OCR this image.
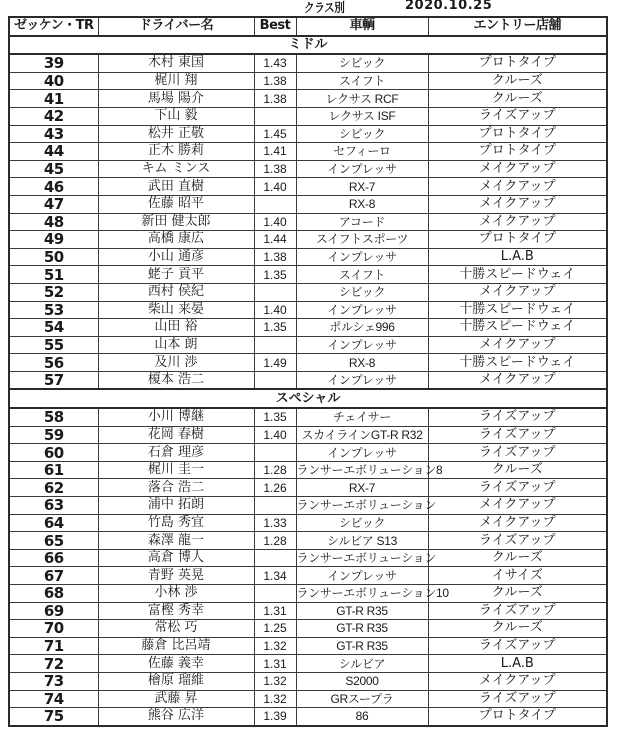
クラス別	2020.10.25
ゼッケン・TR	ドライバー名	Best	車輌	エントリー店舗
ミドル				
39	木村 東国	1.43	シビック	プロトタイプ
40	梶川 翔	1.38	スイフト	クルーズ
41	馬場 陽介	1.38	レクサス RCF	クルーズ
42	下山 毅		レクサス ISF	ライズアップ
43	松井 正敬	1.45	シビック	プロトタイプ
44	正木 勝莉	1.41	セフィーロ	プロトタイプ
45	キム ミンス	1.38	インプレッサ	メイクアップ
46	武田 直樹	1.40	RX-7	メイクアップ
47	佐藤 昭平		RX-8	メイクアップ
48	新田 健太郎	1.40	アコード	メイクアップ
49	高橋 康広	1.44	スイフトスポーツ	プロトタイプ
50	小山 通彦	1.38	インプレッサ	L.A.B
51	蛯子 貢平	1.35	スイフト	十勝スピードウェイ
52	西村 侯紀		シビック	メイクアップ
53	柴山 来晏	1.40	インプレッサ	十勝スピードウェイ
54	山田 裕	1.35	ポルシェ996	十勝スピードウェイ
55	山本 朗		インプレッサ	メイクアップ
56	及川 渉	1.49	RX-8	十勝スピードウェイ
57	榎本 浩二		インプレッサ	メイクアップ
スペシャル				
58	小川 博継	1.35	チェイサー	ライズアップ
59	花岡 春樹	1.40	スカイラインGT-R R32	ライズアップ
60	石倉 理彦		インプレッサ	ライズアップ
61	梶川 圭一	1.28	ランサーエボリューション8	クルーズ
62	落合 浩二	1.26	RX-7	ライズアップ
63	浦中 拓朗		ランサーエボリューション	メイクアップ
64	竹島 秀宜	1.33	シビック	メイクアップ
65	森澤 龍一	1.28	シルビア S13	ライズアップ
66	高倉 博人		ランサーエボリューション	クルーズ
67	青野 英晃	1.34	インプレッサ	イサイズ
68	小林 渉		ランサーエボリューション10	クルーズ
69	富樫 秀幸	1.31	GT-R R35	ライズアップ
70	常松 巧	1.25	GT-R R35	クルーズ
71	藤倉 比呂靖	1.32	GT-R R35	ライズアップ
72	佐藤 義幸	1.31	シルビア	L.A.B
73	檜原 瑠維	1.32	S2000	メイクアップ
74	武藤 昇	1.32	GRスープラ	ライズアップ
75	熊谷 広洋	1.39	86	プロトタイプ
